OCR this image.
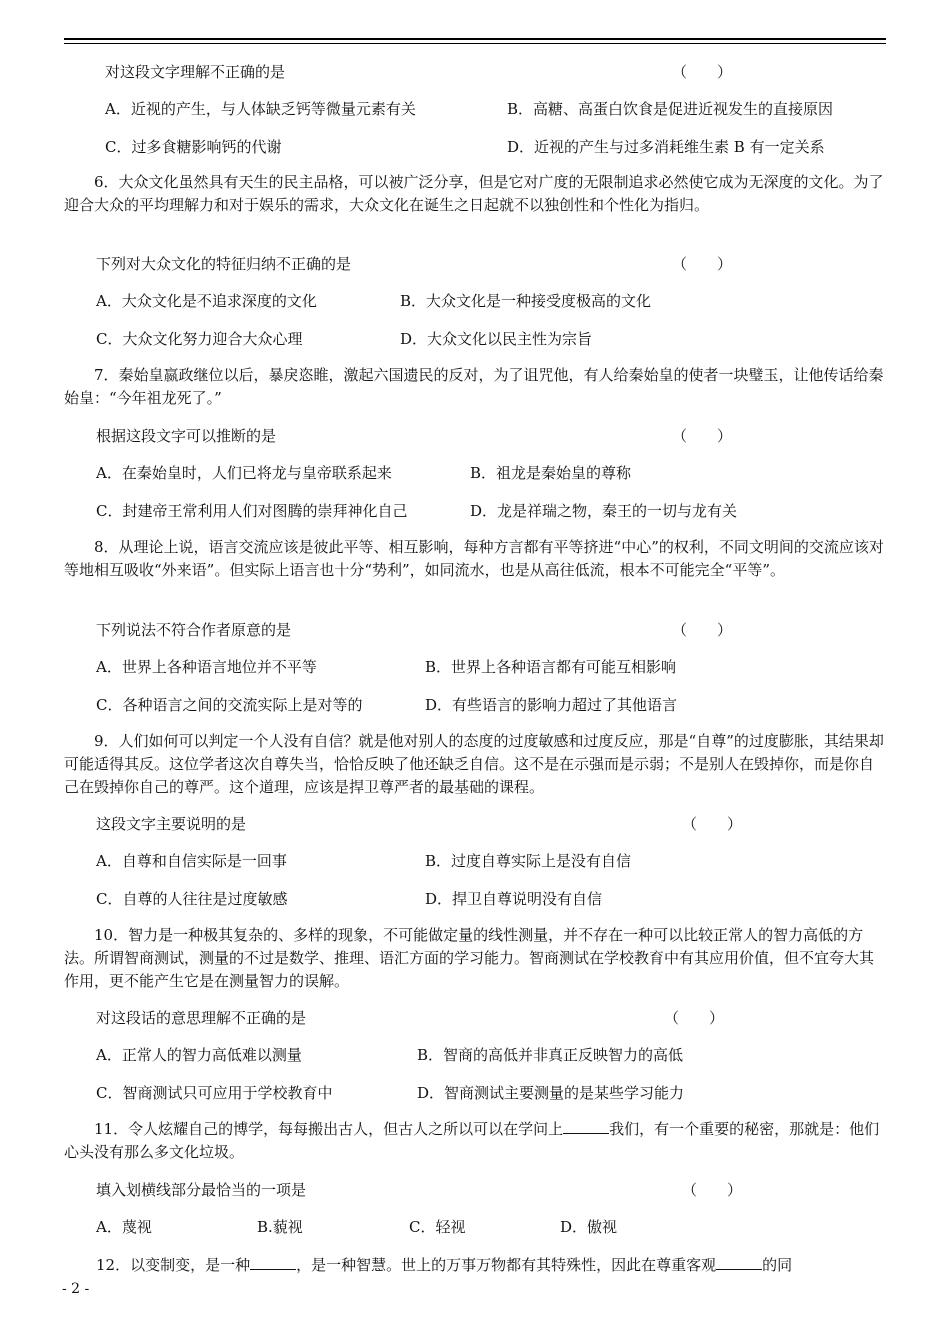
对这段文字理解不正确的是	（　　）
A．近视的产生，与人体缺乏钙等微量元素有关	B．高糖、高蛋白饮食是促进近视发生的直接原因
C．过多食糖影响钙的代谢	D．近视的产生与过多消耗维生素 B 有一定关系
6．大众文化虽然具有天生的民主品格，可以被广泛分享，但是它对广度的无限制追求必然使它成为无深度的文化。为了迎合大众的平均理解力和对于娱乐的需求，大众文化在诞生之日起就不以独创性和个性化为指归。
下列对大众文化的特征归纳不正确的是	（　　）
A．大众文化是不追求深度的文化	B．大众文化是一种接受度极高的文化
C．大众文化努力迎合大众心理	D．大众文化以民主性为宗旨
7．秦始皇嬴政继位以后，暴戾恣睢，激起六国遗民的反对，为了诅咒他，有人给秦始皇的使者一块璧玉，让他传话给秦始皇：“今年祖龙死了。”
根据这段文字可以推断的是	（　　）
A．在秦始皇时，人们已将龙与皇帝联系起来	B．祖龙是秦始皇的尊称
C．封建帝王常利用人们对图腾的崇拜神化自己	D．龙是祥瑞之物，秦王的一切与龙有关
8．从理论上说，语言交流应该是彼此平等、相互影响，每种方言都有平等挤进“中心”的权利，不同文明间的交流应该对等地相互吸收“外来语”。但实际上语言也十分“势利”，如同流水，也是从高往低流，根本不可能完全“平等”。
下列说法不符合作者原意的是	（　　）
A．世界上各种语言地位并不平等	B．世界上各种语言都有可能互相影响
C．各种语言之间的交流实际上是对等的	D．有些语言的影响力超过了其他语言
9．人们如何可以判定一个人没有自信？就是他对别人的态度的过度敏感和过度反应，那是“自尊”的过度膨胀，其结果却可能适得其反。这位学者这次自尊失当，恰恰反映了他还缺乏自信。这不是在示强而是示弱；不是别人在毁掉你，而是你自己在毁掉你自己的尊严。这个道理，应该是捍卫尊严者的最基础的课程。
这段文字主要说明的是	（　　）
A．自尊和自信实际是一回事	B．过度自尊实际上是没有自信
C．自尊的人往往是过度敏感	D．捍卫自尊说明没有自信
10．智力是一种极其复杂的、多样的现象，不可能做定量的线性测量，并不存在一种可以比较正常人的智力高低的方法。所谓智商测试，测量的不过是数学、推理、语汇方面的学习能力。智商测试在学校教育中有其应用价值，但不宜夸大其作用，更不能产生它是在测量智力的误解。
对这段话的意思理解不正确的是	（　　）
A．正常人的智力高低难以测量	B．智商的高低并非真正反映智力的高低
C．智商测试只可应用于学校教育中	D．智商测试主要测量的是某些学习能力
11．令人炫耀自己的博学，每每搬出古人，但古人之所以可以在学问上	我们，有一个重要的秘密，那就是：他们心头没有那么多文化垃圾。
填入划横线部分最恰当的一项是	（　　）
A．蔑视	B.藐视	C．轻视	D．傲视
12．以变制变，是一种	，是一种智慧。世上的万事万物都有其特殊性，因此在尊重客观	的同
- 2 -
